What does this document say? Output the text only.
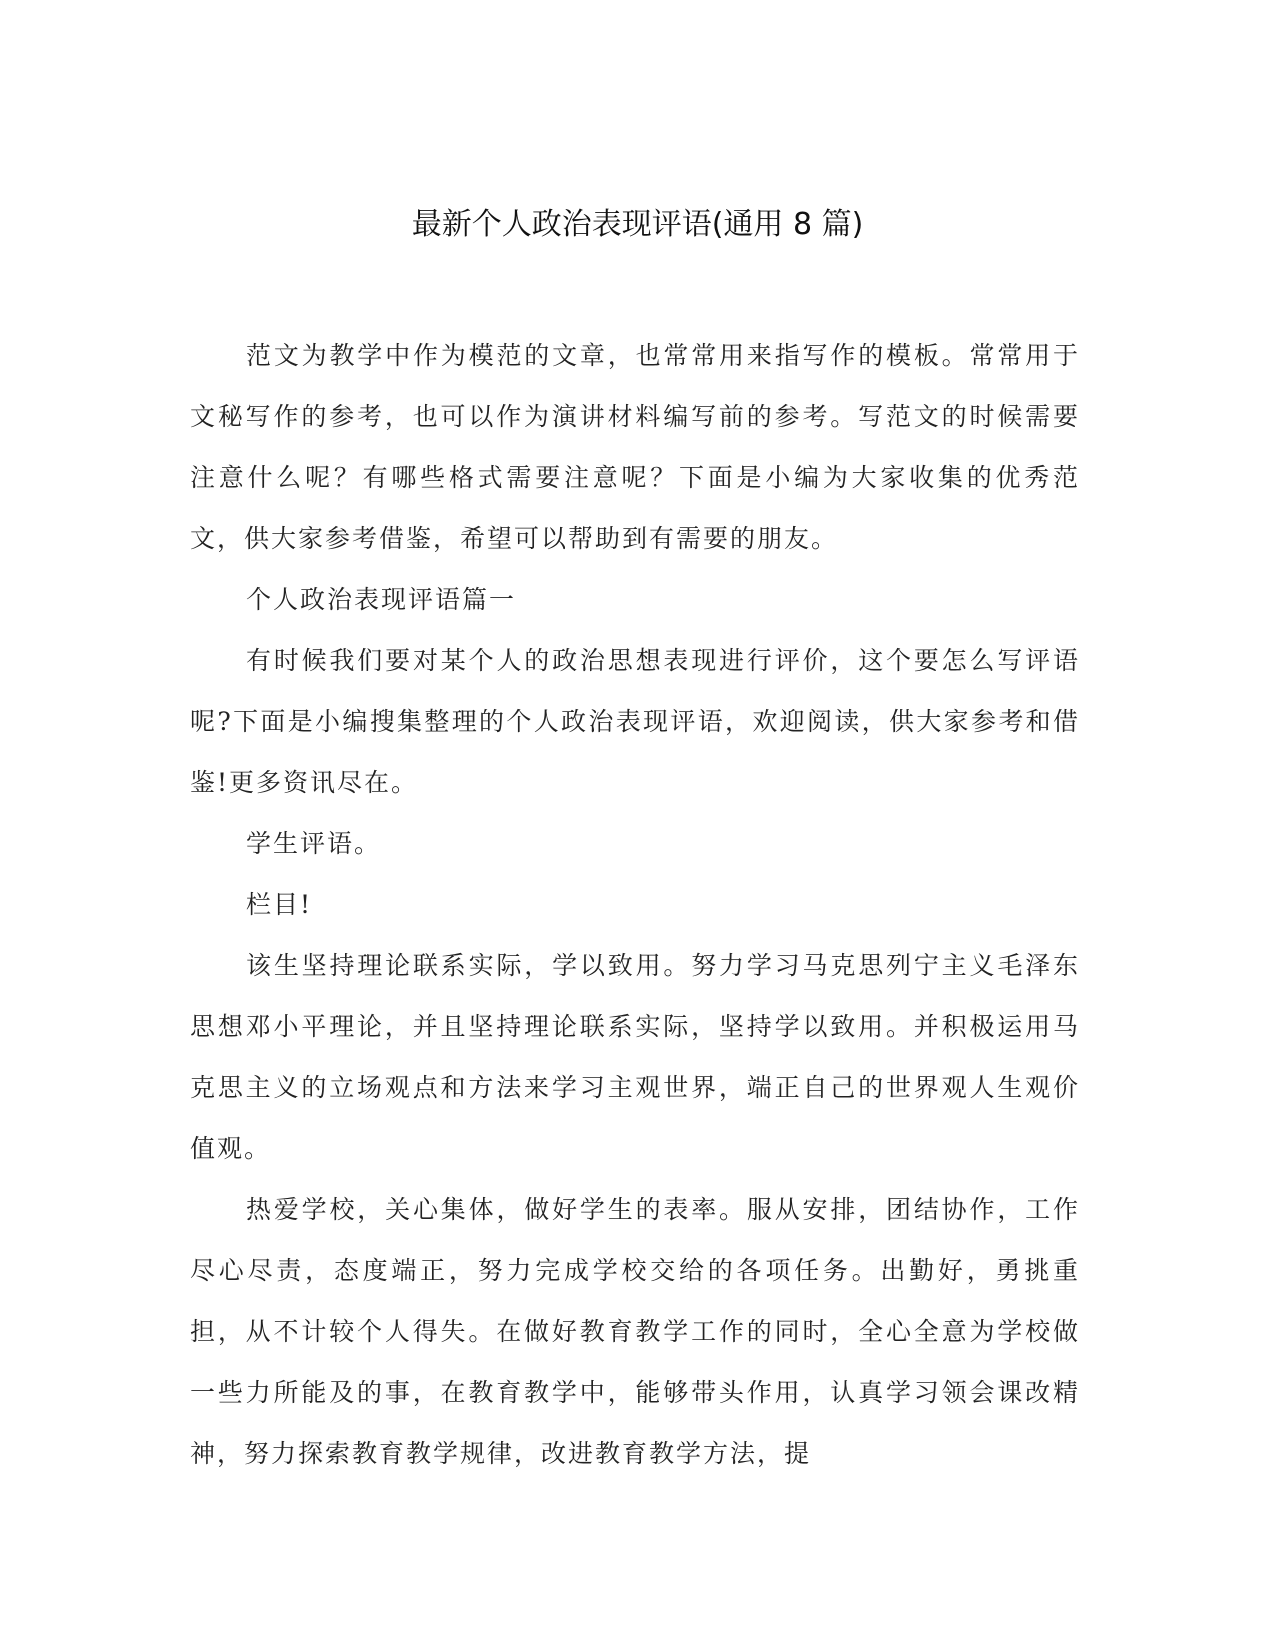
最新个人政治表现评语(通用 8 篇)

范文为教学中作为模范的文章，也常常用来指写作的模板。常常用于文秘写作的参考，也可以作为演讲材料编写前的参考。写范文的时候需要注意什么呢？有哪些格式需要注意呢？下面是小编为大家收集的优秀范文，供大家参考借鉴，希望可以帮助到有需要的朋友。

个人政治表现评语篇一

有时候我们要对某个人的政治思想表现进行评价，这个要怎么写评语呢?下面是小编搜集整理的个人政治表现评语，欢迎阅读，供大家参考和借鉴!更多资讯尽在。

学生评语。

栏目!

该生坚持理论联系实际，学以致用。努力学习马克思列宁主义毛泽东思想邓小平理论，并且坚持理论联系实际，坚持学以致用。并积极运用马克思主义的立场观点和方法来学习主观世界，端正自己的世界观人生观价值观。

热爱学校，关心集体，做好学生的表率。服从安排，团结协作，工作尽心尽责，态度端正，努力完成学校交给的各项任务。出勤好，勇挑重担，从不计较个人得失。在做好教育教学工作的同时，全心全意为学校做一些力所能及的事，在教育教学中，能够带头作用，认真学习领会课改精神，努力探索教育教学规律，改进教育教学方法，提
